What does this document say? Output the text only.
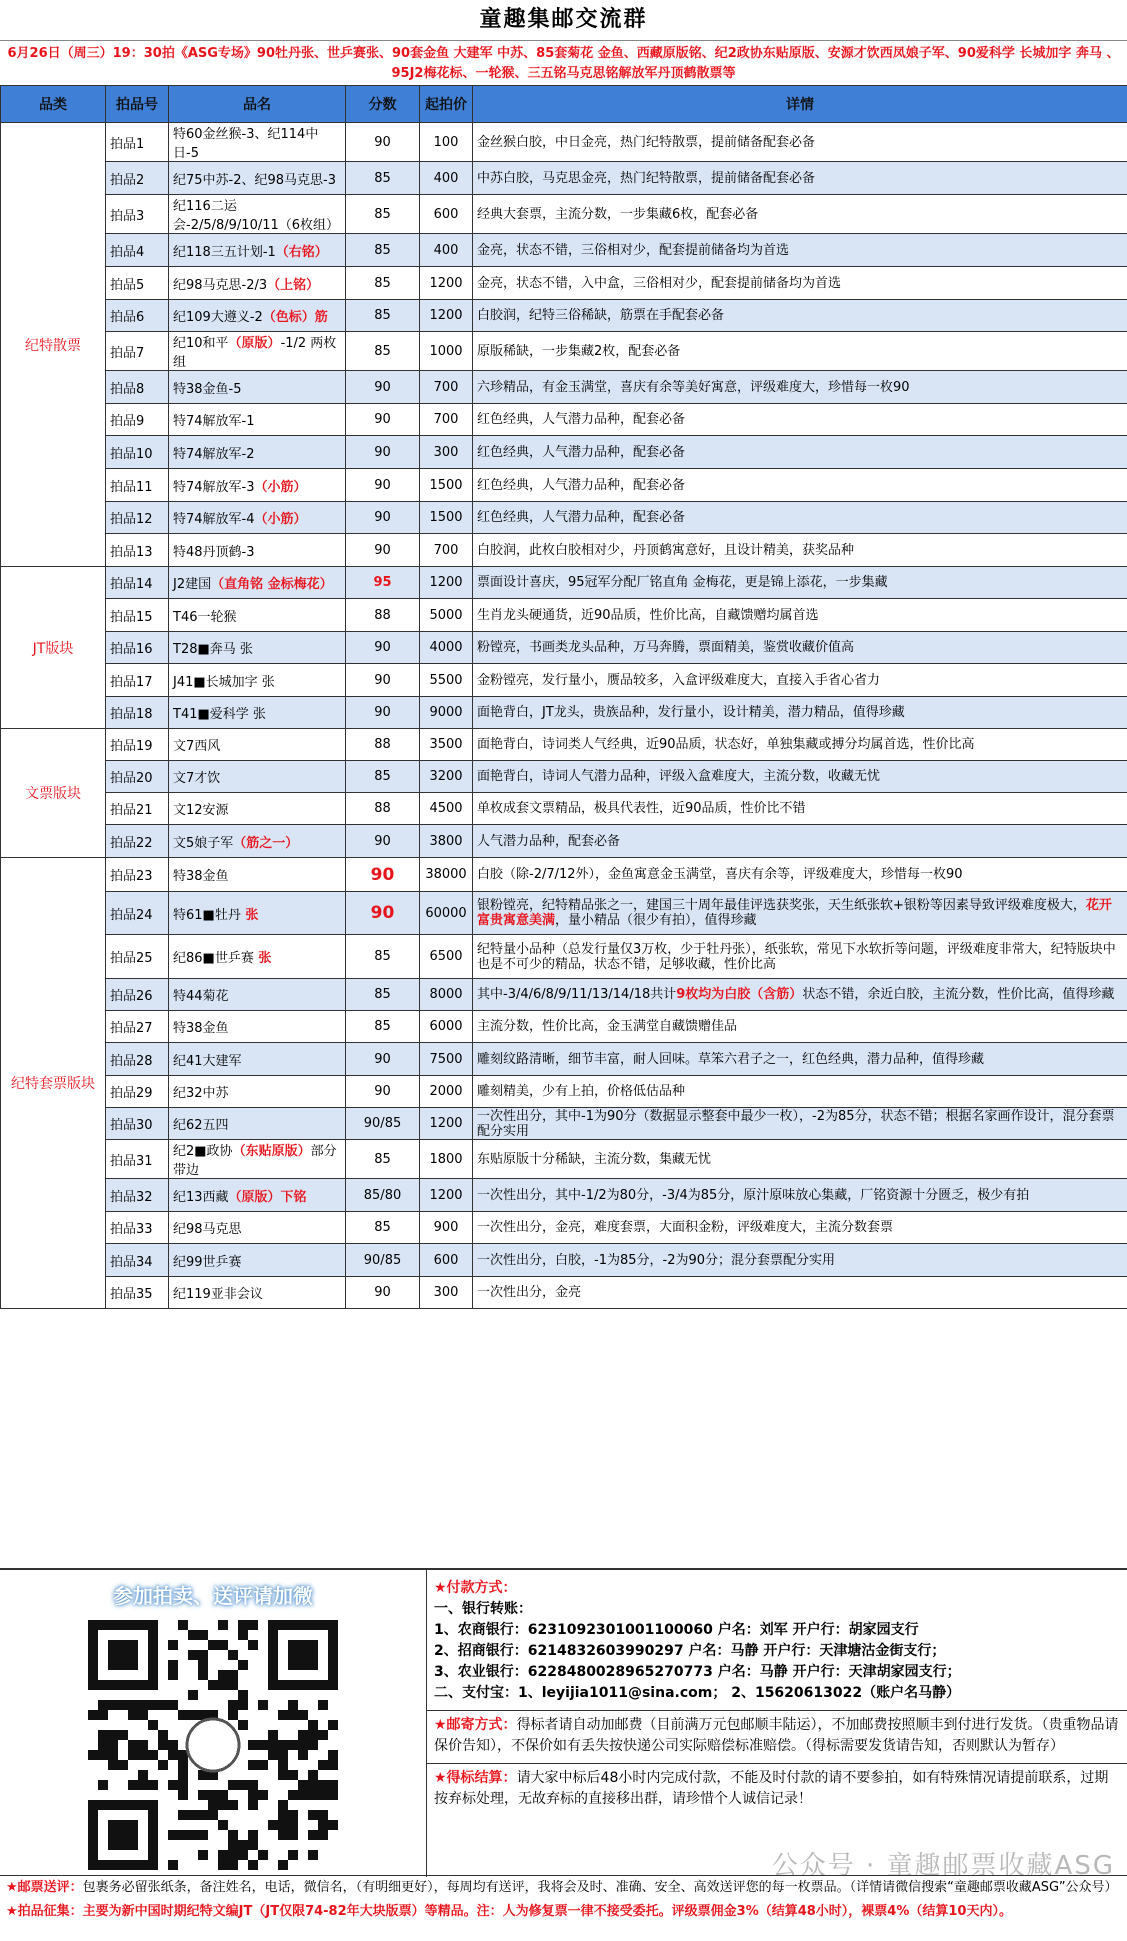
童趣集邮交流群
6月26日（周三）19：30拍《ASG专场》90牡丹张、世乒赛张、90套金鱼 大建军 中苏、85套菊花 金鱼、西藏原版铭、纪2政协东贴原版、安源才饮西凤娘子军、90爱科学 长城加字 奔马 、95J2梅花标、一轮猴、三五铭马克思铭解放军丹顶鹤散票等
品类	拍品号	品名	分数	起拍价	详情
纪特散票	拍品1	特60金丝猴-3、纪114中日-5	90	100	金丝猴白胶，中日金亮，热门纪特散票，提前储备配套必备
	拍品2	纪75中苏-2、纪98马克思-3	85	400	中苏白胶，马克思金亮，热门纪特散票，提前储备配套必备
	拍品3	纪116二运会-2/5/8/9/10/11（6枚组）	85	600	经典大套票，主流分数，一步集藏6枚，配套必备
	拍品4	纪118三五计划-1（右铭）	85	400	金亮，状态不错，三俗相对少，配套提前储备均为首选
	拍品5	纪98马克思-2/3（上铭）	85	1200	金亮，状态不错，入中盒，三俗相对少，配套提前储备均为首选
	拍品6	纪109大遵义-2（色标）筋	85	1200	白胶润，纪特三俗稀缺，筋票在手配套必备
	拍品7	纪10和平（原版）-1/2 两枚组	85	1000	原版稀缺，一步集藏2枚，配套必备
	拍品8	特38金鱼-5	90	700	六珍精品，有金玉满堂，喜庆有余等美好寓意，评级难度大，珍惜每一枚90
	拍品9	特74解放军-1	90	700	红色经典，人气潜力品种，配套必备
	拍品10	特74解放军-2	90	300	红色经典，人气潜力品种，配套必备
	拍品11	特74解放军-3（小筋）	90	1500	红色经典，人气潜力品种，配套必备
	拍品12	特74解放军-4（小筋）	90	1500	红色经典，人气潜力品种，配套必备
	拍品13	特48丹顶鹤-3	90	700	白胶润，此枚白胶相对少，丹顶鹤寓意好，且设计精美，获奖品种
JT版块	拍品14	J2建国（直角铭 金标梅花）	95	1200	票面设计喜庆，95冠军分配厂铭直角 金梅花，更是锦上添花，一步集藏
	拍品15	T46一轮猴	88	5000	生肖龙头硬通货，近90品质，性价比高，自藏馈赠均属首选
	拍品16	T28■奔马 张	90	4000	粉镗亮，书画类龙头品种，万马奔腾，票面精美，鉴赏收藏价值高
	拍品17	J41■长城加字 张	90	5500	金粉镗亮，发行量小，赝品较多，入盒评级难度大，直接入手省心省力
	拍品18	T41■爱科学 张	90	9000	面艳背白，JT龙头，贵族品种，发行量小，设计精美，潜力精品，值得珍藏
文票版块	拍品19	文7西风	88	3500	面艳背白，诗词类人气经典，近90品质，状态好，单独集藏或搏分均属首选，性价比高
	拍品20	文7才饮	85	3200	面艳背白，诗词人气潜力品种，评级入盒难度大，主流分数，收藏无忧
	拍品21	文12安源	88	4500	单枚成套文票精品，极具代表性，近90品质，性价比不错
	拍品22	文5娘子军（筋之一）	90	3800	人气潜力品种，配套必备
纪特套票版块	拍品23	特38金鱼	90	38000	白胶（除-2/7/12外），金鱼寓意金玉满堂，喜庆有余等，评级难度大，珍惜每一枚90
	拍品24	特61■牡丹 张	90	60000	银粉镗亮，纪特精品张之一，建国三十周年最佳评选获奖张，天生纸张软+银粉等因素导致评级难度极大，花开富贵寓意美满，量小精品（很少有拍），值得珍藏
	拍品25	纪86■世乒赛 张	85	6500	纪特量小品种（总发行量仅3万枚，少于牡丹张），纸张软，常见下水软折等问题，评级难度非常大，纪特版块中也是不可少的精品，状态不错，足够收藏，性价比高
	拍品26	特44菊花	85	8000	其中-3/4/6/8/9/11/13/14/18共计9枚均为白胶（含筋）状态不错，余近白胶，主流分数，性价比高，值得珍藏
	拍品27	特38金鱼	85	6000	主流分数，性价比高，金玉满堂自藏馈赠佳品
	拍品28	纪41大建军	90	7500	雕刻纹路清晰，细节丰富，耐人回味。草笨六君子之一，红色经典，潜力品种，值得珍藏
	拍品29	纪32中苏	90	2000	雕刻精美，少有上拍，价格低估品种
	拍品30	纪62五四	90/85	1200	一次性出分，其中-1为90分（数据显示整套中最少一枚），-2为85分，状态不错；根据名家画作设计，混分套票配分实用
	拍品31	纪2■政协（东贴原版）部分带边	85	1800	东贴原版十分稀缺，主流分数，集藏无忧
	拍品32	纪13西藏（原版）下铭	85/80	1200	一次性出分，其中-1/2为80分，-3/4为85分，原汁原味放心集藏，厂铭资源十分匮乏，极少有拍
	拍品33	纪98马克思	85	900	一次性出分，金亮，难度套票，大面积金粉，评级难度大，主流分数套票
	拍品34	纪99世乒赛	90/85	600	一次性出分，白胶，-1为85分，-2为90分；混分套票配分实用
	拍品35	纪119亚非会议	90	300	一次性出分，金亮
参加拍卖、送评请加微	★付款方式：
一、银行转账：
1、农商银行：6231092301001100060 户名：刘军 开户行：胡家园支行
2、招商银行：6214832603990297 户名：马静 开户行：天津塘沽金街支行；
3、农业银行：6228480028965270773 户名：马静 开户行：天津胡家园支行；
二、支付宝：1、leyijia1011@sina.com； 2、15620613022（账户名马静）
★邮寄方式：得标者请自动加邮费（目前满万元包邮顺丰陆运），不加邮费按照顺丰到付进行发货。（贵重物品请保价告知），不保价如有丢失按快递公司实际赔偿标准赔偿。（得标需要发货请告知，否则默认为暂存）
★得标结算：请大家中标后48小时内完成付款，不能及时付款的请不要参拍，如有特殊情况请提前联系，过期按弃标处理，无故弃标的直接移出群，请珍惜个人诚信记录！
公众号 · 童趣邮票收藏ASG
★邮票送评：包裹务必留张纸条，备注姓名，电话，微信名，（有明细更好），每周均有送评，我将会及时、准确、安全、高效送评您的每一枚票品。（详情请微信搜索“童趣邮票收藏ASG”公众号）
★拍品征集：主要为新中国时期纪特文编JT（JT仅限74-82年大块版票）等精品。注：人为修复票一律不接受委托。评级票佣金3%（结算48小时），裸票4%（结算10天内）。
